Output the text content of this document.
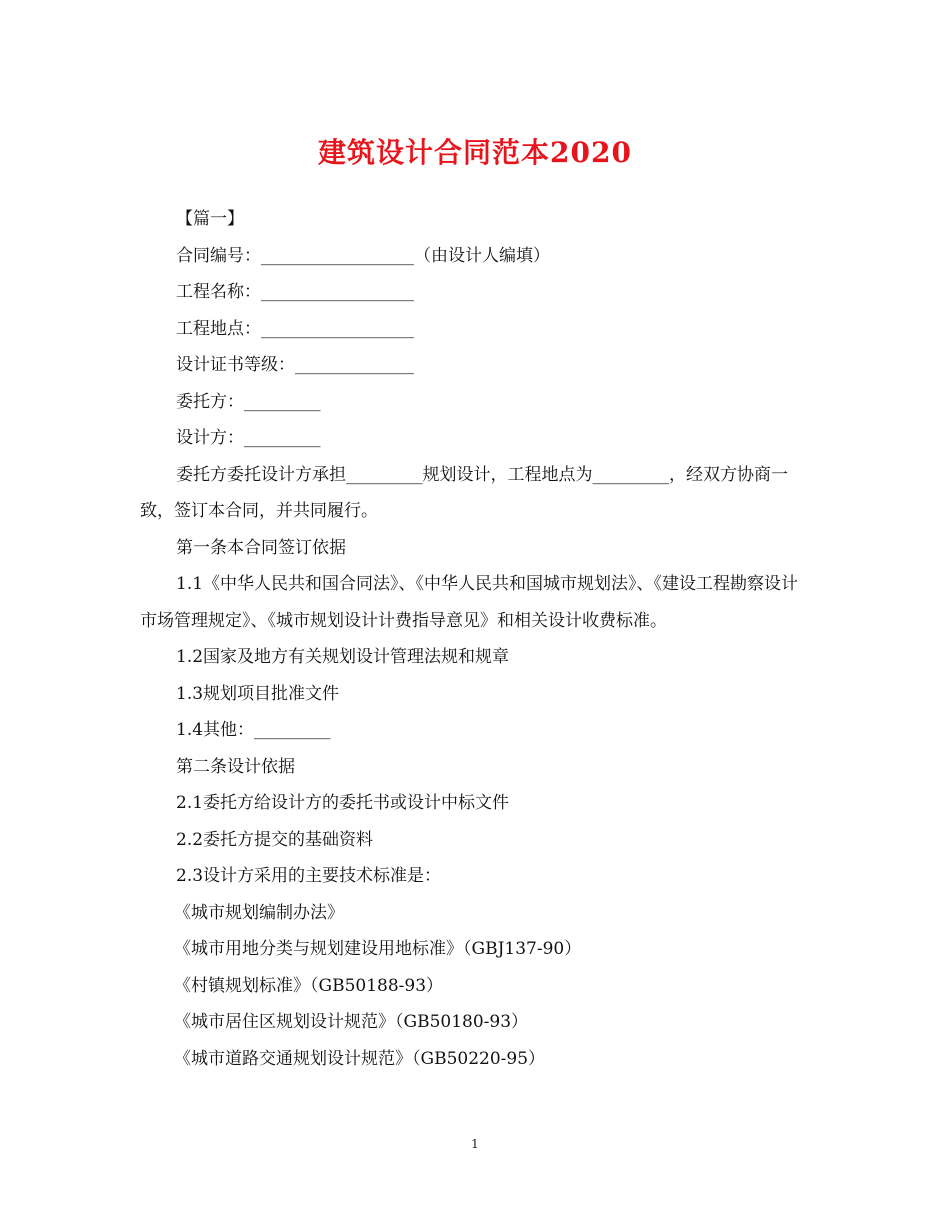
建筑设计合同范本2020

【篇一】

合同编号：__________________（由设计人编填）

工程名称：__________________

工程地点：__________________

设计证书等级：______________

委托方：_________

设计方：_________

委托方委托设计方承担_________规划设计，工程地点为_________，经双方协商一致，签订本合同，并共同履行。

第一条本合同签订依据

1.1《中华人民共和国合同法》、《中华人民共和国城市规划法》、《建设工程勘察设计市场管理规定》、《城市规划设计计费指导意见》和相关设计收费标准。

1.2国家及地方有关规划设计管理法规和规章

1.3规划项目批准文件

1.4其他：_________

第二条设计依据

2.1委托方给设计方的委托书或设计中标文件

2.2委托方提交的基础资料

2.3设计方采用的主要技术标准是：

《城市规划编制办法》

《城市用地分类与规划建设用地标准》（GBJ137-90）

《村镇规划标准》（GB50188-93）

《城市居住区规划设计规范》（GB50180-93）

《城市道路交通规划设计规范》（GB50220-95）

1
